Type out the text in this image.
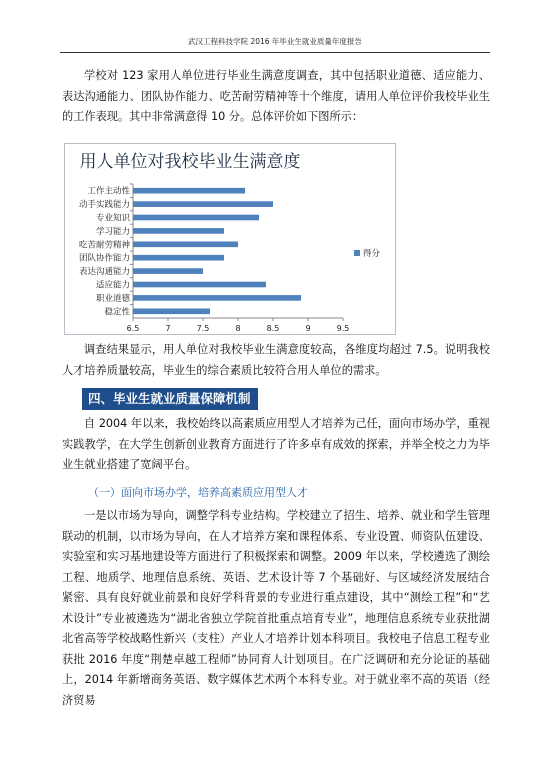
武汉工程科技学院 2016 年毕业生就业质量年度报告

学校对 123 家用人单位进行毕业生满意度调查，其中包括职业道德、适应能力、表达沟通能力、团队协作能力、吃苦耐劳精神等十个维度，请用人单位评价我校毕业生的工作表现。其中非常满意得 10 分。总体评价如下图所示：

用人单位对我校毕业生满意度
工作主动性
动手实践能力
专业知识
学习能力
吃苦耐劳精神
团队协作能力
表达沟通能力
适应能力
职业道德
稳定性
6.5	7	7.5	8	8.5	9	9.5
得分

调查结果显示，用人单位对我校毕业生满意度较高，各维度均超过 7.5。说明我校人才培养质量较高，毕业生的综合素质比较符合用人单位的需求。

四、毕业生就业质量保障机制

自 2004 年以来，我校始终以高素质应用型人才培养为己任，面向市场办学，重视实践教学，在大学生创新创业教育方面进行了许多卓有成效的探索，并举全校之力为毕业生就业搭建了宽阔平台。

（一）面向市场办学，培养高素质应用型人才

一是以市场为导向，调整学科专业结构。学校建立了招生、培养、就业和学生管理联动的机制，以市场为导向，在人才培养方案和课程体系、专业设置、师资队伍建设、实验室和实习基地建设等方面进行了积极探索和调整。2009 年以来，学校遴选了测绘工程、地质学、地理信息系统、英语、艺术设计等 7 个基础好、与区域经济发展结合紧密、具有良好就业前景和良好学科背景的专业进行重点建设，其中“测绘工程”和“艺术设计”专业被遴选为“湖北省独立学院首批重点培育专业”，地理信息系统专业获批湖北省高等学校战略性新兴（支柱）产业人才培养计划本科项目。我校电子信息工程专业获批 2016 年度“荆楚卓越工程师”协同育人计划项目。在广泛调研和充分论证的基础上，2014 年新增商务英语、数字媒体艺术两个本科专业。对于就业率不高的英语（经济贸易
